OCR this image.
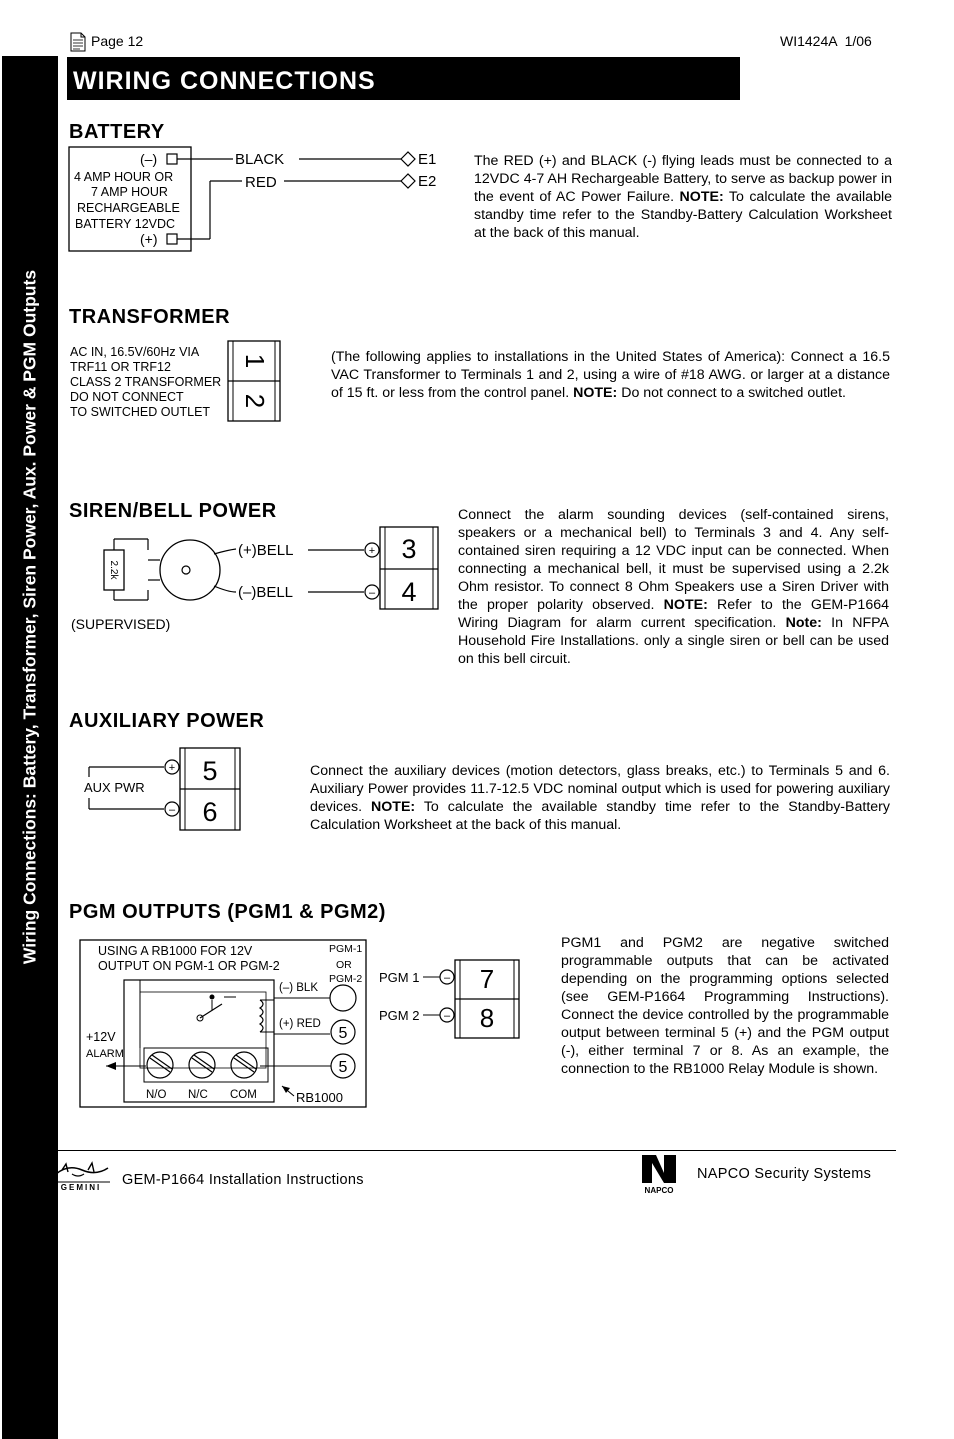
Page 12	WI1424A  1/06
Wiring Connections: Battery, Transformer, Siren Power, Aux. Power & PGM Outputs
WIRING CONNECTIONS
BATTERY
(–)
4 AMP HOUR OR
7 AMP HOUR
RECHARGEABLE
BATTERY 12VDC
(+)
BLACK
RED
E1
E2
The RED (+) and BLACK (-) flying leads must be connected to a 12VDC 4-7 AH Rechargeable Battery, to serve as backup power in the event of AC Power Failure. NOTE: To calculate the available standby time refer to the Standby-Battery Calculation Worksheet at the back of this manual.
TRANSFORMER
AC IN, 16.5V/60Hz VIA
TRF11 OR TRF12
CLASS 2 TRANSFORMER
DO NOT CONNECT
TO SWITCHED OUTLET
1
2
(The following applies to installations in the United States of America): Connect a 16.5 VAC Transformer to Terminals 1 and 2, using a wire of #18 AWG. or larger at a distance of 15 ft. or less from the control panel. NOTE: Do not connect to a switched outlet.
SIREN/BELL POWER
2.2k
(+)BELL
(–)BELL
(SUPERVISED)
+
–
3
4
Connect the alarm sounding devices (self-contained sirens, speakers or a mechanical bell) to Terminals 3 and 4. Any self-contained siren requiring a 12 VDC input can be connected. When connecting a mechanical bell, it must be supervised using a 2.2k Ohm resistor. To connect 8 Ohm Speakers use a Siren Driver with the proper polarity observed. NOTE: Refer to the GEM-P1664 Wiring Diagram for alarm current specification. Note: In NFPA Household Fire Installations. only a single siren or bell can be used on this bell circuit.
AUXILIARY POWER
AUX PWR
+
–
5
6
Connect the auxiliary devices (motion detectors, glass breaks, etc.) to Terminals 5 and 6. Auxiliary Power provides 11.7-12.5 VDC nominal output which is used for powering auxiliary devices. NOTE: To calculate the available standby time refer to the Standby-Battery Calculation Worksheet at the back of this manual.
PGM OUTPUTS (PGM1 & PGM2)
USING A RB1000 FOR 12V
OUTPUT ON PGM-1 OR PGM-2
PGM-1
OR
PGM-2
(–) BLK
(+) RED
5
5
+12V
ALARM
N/O N/C COM	RB1000
PGM 1
PGM 2
–
–
7
8
PGM1 and PGM2 are negative switched programmable outputs that can be activated depending on the programming options selected (see GEM-P1664 Programming Instructions). Connect the device controlled by the programmable output between terminal 5 (+) and the PGM output (-), either terminal 7 or 8. As an example, the connection to the RB1000 Relay Module is shown.
GEMINI GEM-P1664 Installation Instructions
NAPCO
NAPCO Security Systems
